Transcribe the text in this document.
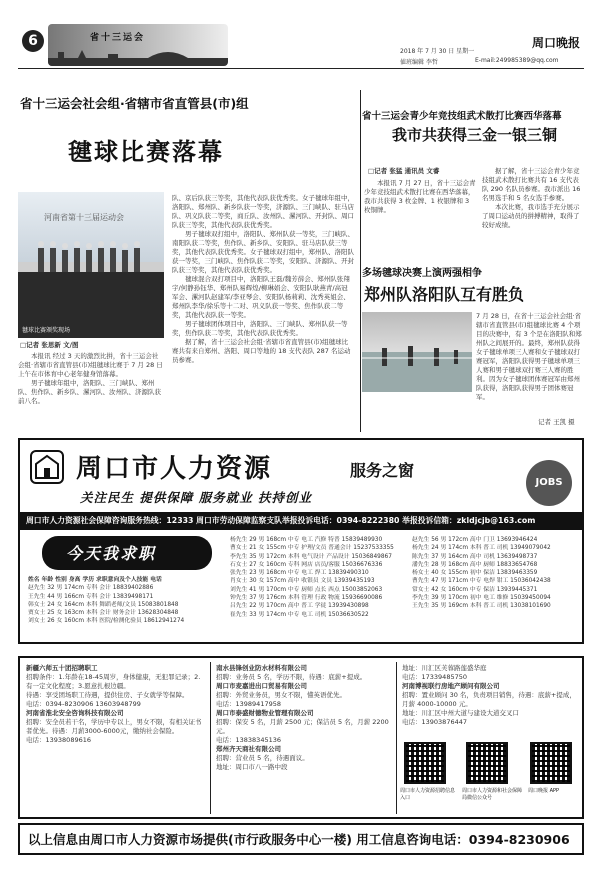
6	省十三运会
2018 年 7 月 30 日 星期一
周口晚报
値班编辑 李哲	E-mail:249985389@qq.com
省十三运会社会组·省辖市省直管县(市)组
毽球比赛落幕
河南省第十三届运动会
毽球比赛颁奖现场
□记者 张思新 文/图

本报讯 经过 3 天的激烈比拼，省十三运会社会组·省辖市省直管县(市)组毽球比赛于 7 月 28 日上午在市体育中心老年健身馆落幕。

男子毽球年组中，洛阳队、三门峡队、郑州队、焦作队、新乡队、漯河队、汝州队、济源队获前八名。

队、京后队获三等奖，其他代表队获优秀奖。女子毽球年组中，洛阳队、郑州队、新乡队获一等奖，济源队、三门峡队、驻马店队、巩义队获二等奖，商丘队、汝州队、漯河队、开封队、周口队获三等奖，其他代表队获优秀奖。

男子毽球双打组中，洛阳队、郑州队获一等奖，三门峡队、南阳队获二等奖，焦作队、新乡队、安阳队、驻马店队获三等奖，其他代表队获优秀奖。女子毽球双打组中，郑州队、洛阳队获一等奖，三门峡队、焦作队获二等奖，安阳队、济源队、开封队获三等奖，其他代表队获优秀奖。

毽球混合双打项目中，洛阳队王磊/魏芳薛会、郑州队张翔宇/何静孙钰华、郑州队易辉煌/柳琳娟会、安阳队耿燕青/高冠军会、漯河队赵建军/李亚琴会、安阳队杨莉莉、沈秀英姐会、郑州队李华/徐乐等十二对、巩义队获一等奖、焦作队获二等奖，其他代表队获一等奖。

男子毽球团体项目中，洛阳队、三门峡队、郑州队获一等奖，焦作队获二等奖，其他代表队获优秀奖。

据了解，省十三运会社会组·省辖市省直管县(市)组毽球比赛共有来自郑州、洛阳、周口等地的 18 支代表队 287 名运动员参赛。

省十三运会青少年竞技组武术散打比赛西华落幕
我市共获得三金一银三铜
□记者 张猛 通讯员 文睿

本报讯 7 月 27 日，省十三运会青少年竞技组武术散打比赛在西华落幕，我市共获得 3 枚金牌、1 枚银牌和 3 枚铜牌。

据了解，省十三运会青少年竞技组武术散打比赛共有 16 支代表队 290 名队员参赛。我市派出 16 名男选手和 5 名女选手参赛。

本次比赛，我市选手充分展示了周口运动员的拼搏精神，取得了较好成绩。

多场毽球决赛上演两强相争
郑州队洛阳队互有胜负
7 月 28 日，在省十三运会社会组·省辖市省直管县(市)组毽球比赛 4 个项目的决赛中，有 3 个是在洛阳队和郑州队之间展开的。最终，郑州队获得女子毽球单项三人赛和女子毽球双打赛冠军，洛阳队获得男子毽球单项三人赛和男子毽球双打赛三人赛的胜利。因为女子毽球团体赛冠军由郑州队获得，洛阳队获得男子团体赛冠军。
记者 王凯 摄
周口市人力资源	服务之窗
关注民生 提供保障 服务就业 扶持创业
JOBS
周口市人力资源社会保障咨询服务热线：12333 周口市劳动保障监察支队举报投诉电话：0394-8222380 举报投诉信箱：zkldjcjb@163.com
今天我求职
姓名 年龄 性别 身高 学历 求职意向及个人技能 电话
赵先生 32 男 174cm 专科 会计 18839402886
王先生 44 男 166cm 专科 会计 13839498171
韩女士 24 女 164cm 本科 舞蹈老师/文员 15083801848
贾女士 25 女 163cm 本科 会计 财务会计 13628304848
刘女士 26 女 160cm 本科 医院/检测化验员 18612941274
杨先生 29 男 168cm 中专 电工 汽修 特普 15839489930
曹女士 21 女 155cm 中专 护理/文员 普通会计 15237533355
李先生 35 男 172cm 本科 电气设计 产品设计 15036849867
石女士 27 女 160cm 专科 网店 店员/客服 15036676336
张先生 23 男 168cm 中专 电工 焊工 13839490310
肖女士 30 女 157cm 高中 收银员 文员 13939435193
刘先生 41 男 170cm 中专 厨师 点长 西点 15003852063
钟先生 37 男 176cm 本科 管理 行政 物流 15936690086
吕先生 22 男 170cm 高中 普工 学徒 13939430898
崔先生 33 男 174cm 中专 电工 司机 15036630522
赵先生 56 男 172cm 高中 门卫 13693946424
杨先生 24 男 174cm 本科 普工 司机 13949079042
陈先生 37 男 164cm 高中 司机 13639498737
潘先生 28 男 168cm 高中 厨师 18833654768
杨女士 40 女 155cm 初中 保洁 13839463359
曹先生 47 男 171cm 中专 电焊 钳工 15036042438
常女士 42 女 160cm 中专 保洁 13939445371
李先生 39 男 170cm 初中 电工 维修 15039450094
王先生 35 男 169cm 本科 普工 司机 13038101690
新疆六师五十团招聘职工
招聘条件：1.年龄在18-45周岁，身体健康，无犯罪记录；2.有一定文化程度；3.愿意扎根边疆。
待遇：享受团场职工待遇，提供住房、子女就学等保障。
电话：0394-8230906 13603948799
河南省淮北安全咨询科技有限公司
招聘：安全员若干名，学历中专以上，男女不限，有相关证书者优先。待遇：月薪3000-6000元，缴纳社会保险。
电话：13938089616
南水县锋创业防水材料有限公司
招聘：业务员 5 名，学历不限，待遇：底薪+提成。
周口市麦嘉进出口贸易有限公司
招聘：外贸业务员，男女不限，懂英语优先。
电话：13989417958
周口市泰盛财德物业管理有限公司
招聘：保安 5 名，月薪 2500 元；保洁员 5 名，月薪 2200 元。
电话：13838345136
郑州齐天商社有限公司
招聘：营业员 5 名，待遇面议。
地址：周口市八一路中段
地址：川汇区芙蓉路莲盛华庭
电话：17339485750
河南博视联行房地产顾问有限公司
招聘：置业顾问 30 名，负责项目销售，待遇：底薪+提成，月薪 4000-10000 元。
地址：川汇区中州大道与建设大道交叉口
电话：13903876447
周口市人力资源招聘信息入口
周口市人力资源和社会保障局微信公众号
周口晚报 APP
以上信息由周口市人力资源市场提供(市行政服务中心一楼) 用工信息咨询电话：0394-8230906
